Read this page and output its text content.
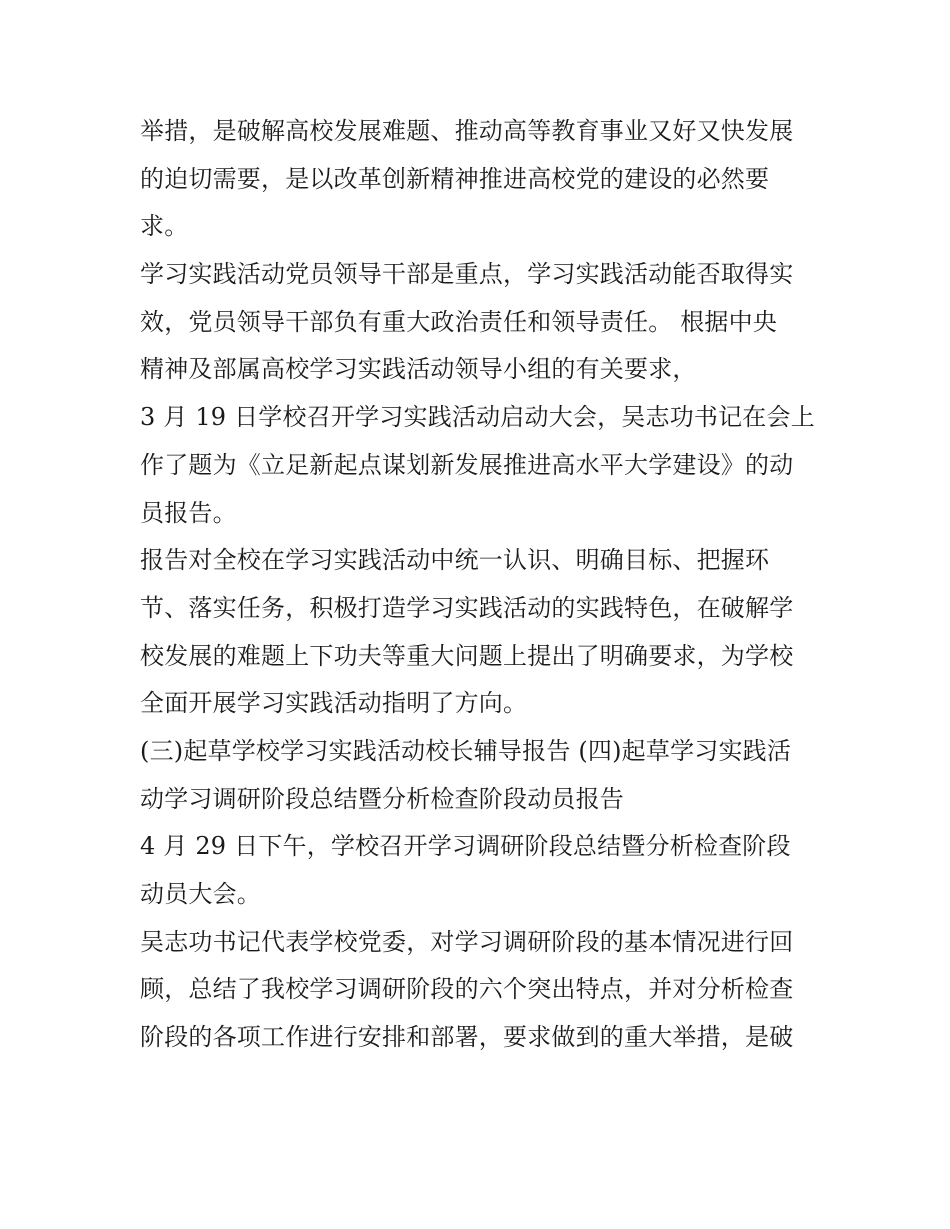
举措，是破解高校发展难题、推动高等教育事业又好又快发展
的迫切需要，是以改革创新精神推进高校党的建设的必然要
求。
学习实践活动党员领导干部是重点，学习实践活动能否取得实
效，党员领导干部负有重大政治责任和领导责任。 根据中央
精神及部属高校学习实践活动领导小组的有关要求，
3 月 19 日学校召开学习实践活动启动大会，吴志功书记在会上
作了题为《立足新起点谋划新发展推进高水平大学建设》的动
员报告。
报告对全校在学习实践活动中统一认识、明确目标、把握环
节、落实任务，积极打造学习实践活动的实践特色，在破解学
校发展的难题上下功夫等重大问题上提出了明确要求，为学校
全面开展学习实践活动指明了方向。
(三)起草学校学习实践活动校长辅导报告 (四)起草学习实践活
动学习调研阶段总结暨分析检查阶段动员报告
4 月 29 日下午，学校召开学习调研阶段总结暨分析检查阶段
动员大会。
吴志功书记代表学校党委，对学习调研阶段的基本情况进行回
顾，总结了我校学习调研阶段的六个突出特点，并对分析检查
阶段的各项工作进行安排和部署，要求做到的重大举措，是破
